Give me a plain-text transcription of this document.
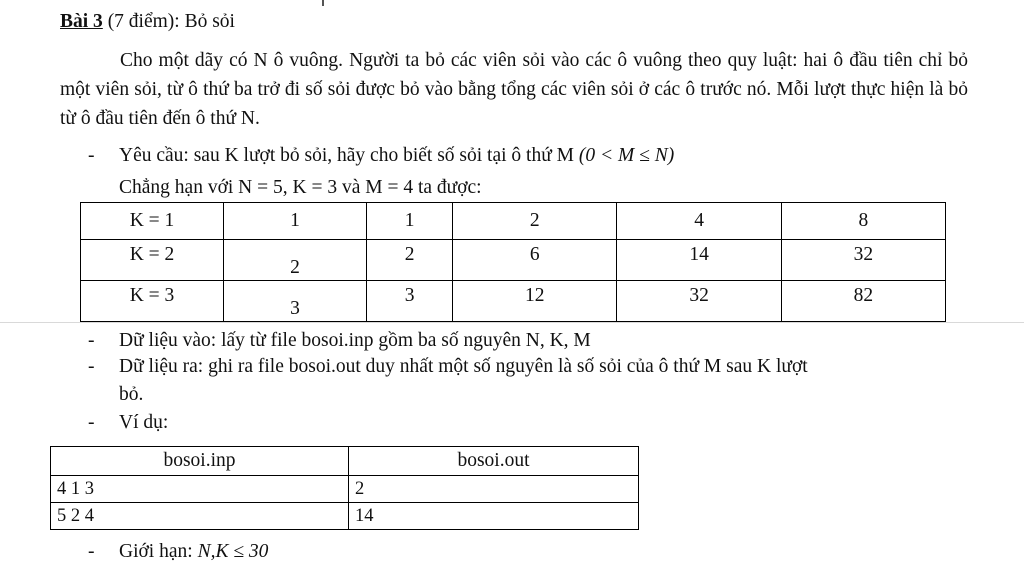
Bài 3 (7 điểm): Bỏ sỏi
Cho một dãy có N ô vuông. Người ta bỏ các viên sỏi vào các ô vuông theo quy luật: hai ô đầu tiên chỉ bỏ một viên sỏi, từ ô thứ ba trở đi số sỏi được bỏ vào bằng tổng các viên sỏi ở các ô trước nó. Mỗi lượt thực hiện là bỏ từ ô đầu tiên đến ô thứ N.
- Yêu cầu: sau K lượt bỏ sỏi, hãy cho biết số sỏi tại ô thứ M (0 < M ≤ N)
Chẳng hạn với N = 5, K = 3 và M = 4 ta được:
K = 1	1	1	2	4	8
K = 2	2	2	6	14	32
K = 3	3	3	12	32	82
- Dữ liệu vào: lấy từ file bosoi.inp gồm ba số nguyên N, K, M
- Dữ liệu ra: ghi ra file bosoi.out duy nhất một số nguyên là số sỏi của ô thứ M sau K lượt
bỏ.
- Ví dụ:
bosoi.inp	bosoi.out
4 1 3	2
5 2 4	14
- Giới hạn: N,K ≤ 30
